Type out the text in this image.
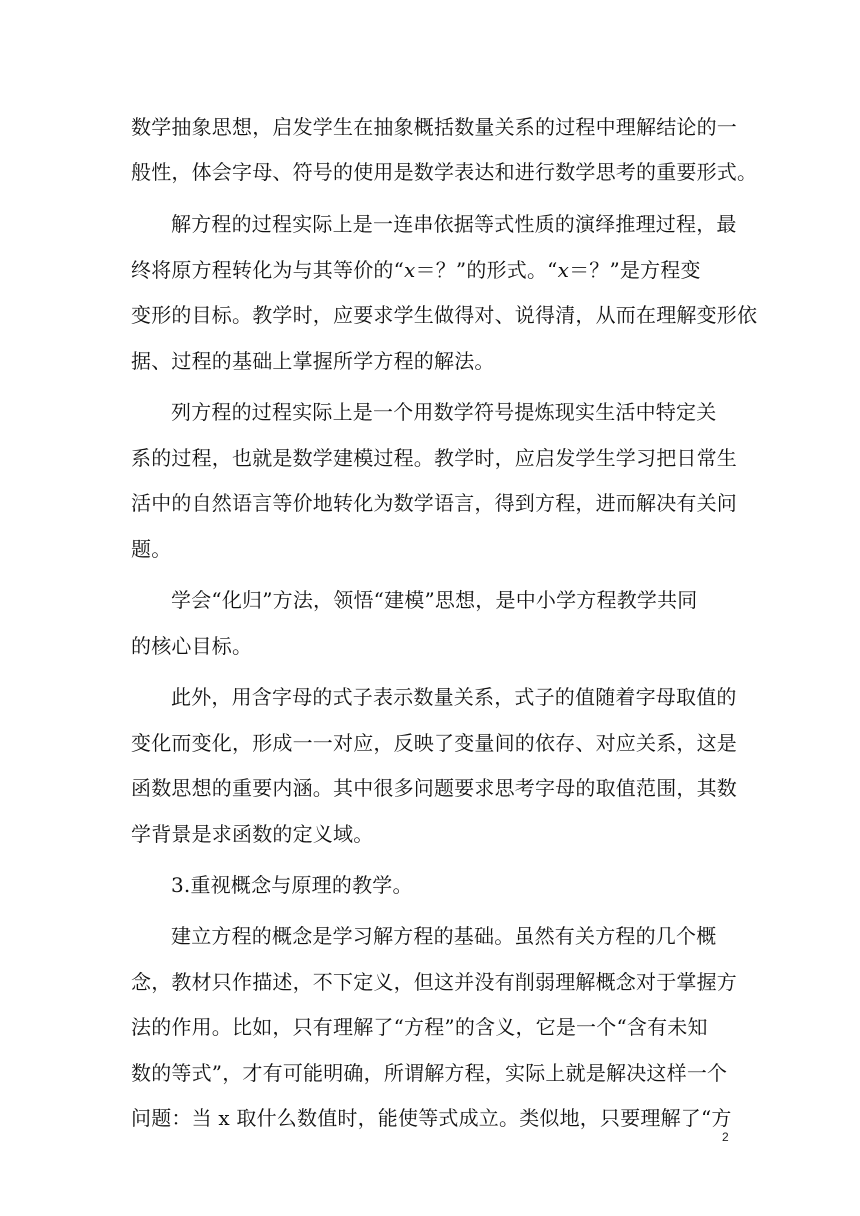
数学抽象思想，启发学生在抽象概括数量关系的过程中理解结论的一
般性，体会字母、符号的使用是数学表达和进行数学思考的重要形式。
解方程的过程实际上是一连串依据等式性质的演绎推理过程，最
终将原方程转化为与其等价的“x＝？”的形式。“x＝？”是方程变
变形的目标。教学时，应要求学生做得对、说得清，从而在理解变形依
据、过程的基础上掌握所学方程的解法。
列方程的过程实际上是一个用数学符号提炼现实生活中特定关
系的过程，也就是数学建模过程。教学时，应启发学生学习把日常生
活中的自然语言等价地转化为数学语言，得到方程，进而解决有关问
题。
学会“化归”方法，领悟“建模”思想，是中小学方程教学共同
的核心目标。
此外，用含字母的式子表示数量关系，式子的值随着字母取值的
变化而变化，形成一一对应，反映了变量间的依存、对应关系，这是
函数思想的重要内涵。其中很多问题要求思考字母的取值范围，其数
学背景是求函数的定义域。
3.重视概念与原理的教学。
建立方程的概念是学习解方程的基础。虽然有关方程的几个概
念，教材只作描述，不下定义，但这并没有削弱理解概念对于掌握方
法的作用。比如，只有理解了“方程”的含义，它是一个“含有未知
数的等式”，才有可能明确，所谓解方程，实际上就是解决这样一个
问题：当 x 取什么数值时，能使等式成立。类似地，只要理解了“方
2
